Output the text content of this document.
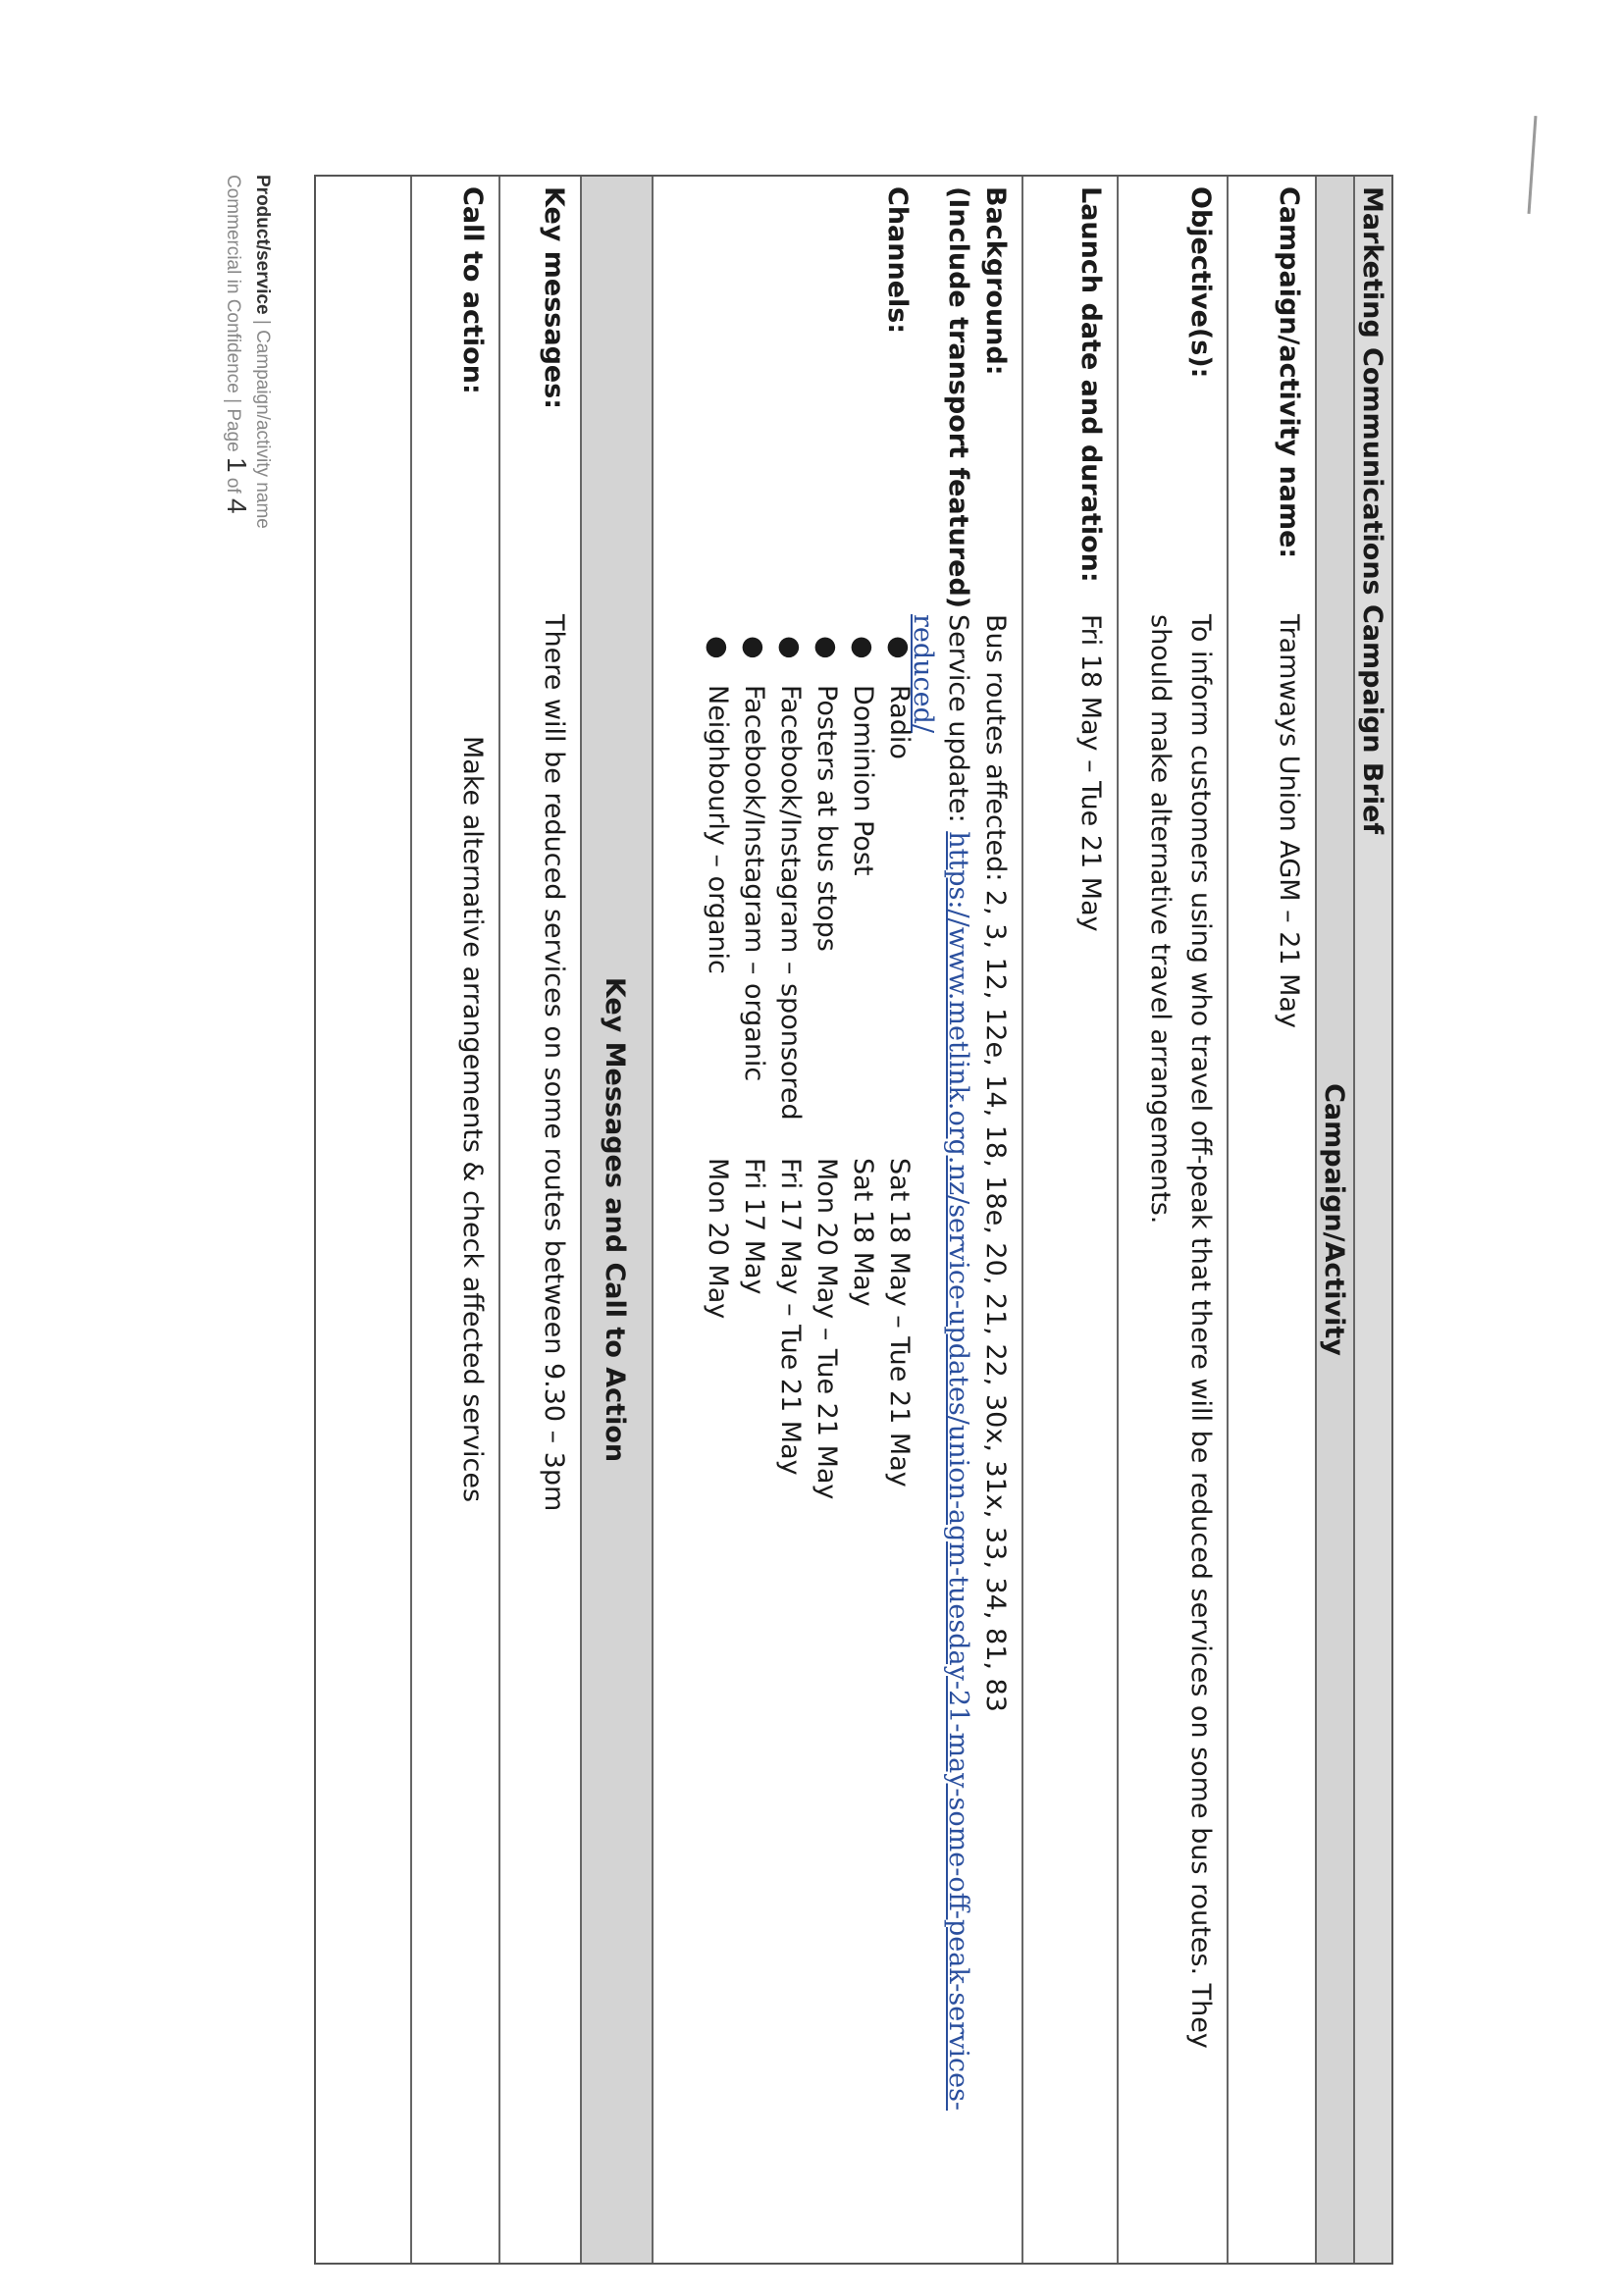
Marketing Communications Campaign Brief
Campaign/Activity
Campaign/activity name:
Tramways Union AGM – 21 May
Objective(s):
To inform customers using who travel off-peak that there will be reduced services on some bus routes. They
should make alternative travel arrangements.
Launch date and duration:
Fri 18 May – Tue 21 May
Background:
(Include transport featured)
Bus routes affected: 2, 3, 12, 12e, 14, 18, 18e, 20, 21, 22, 30x, 31x, 33, 34, 81, 83
Service update: https://www.metlink.org.nz/service-updates/union-agm-tuesday-21-may-some-off-peak-services-
reduced/
Channels:
●
Radio
●
Dominion Post
●
Posters at bus stops
●
Facebook/Instagram – sponsored
●
Facebook/Instagram – organic
●
Neighbourly – organic
Sat 18 May – Tue 21 May
Sat 18 May
Mon 20 May – Tue 21 May
Fri 17 May – Tue 21 May
Fri 17 May
Mon 20 May
Key Messages and Call to Action
Key messages:
There will be reduced services on some routes between 9.30 – 3pm
Call to action:
Make alternative arrangements & check affected services
Product/service | Campaign/activity name
Commercial in Confidence | Page 1 of 4
